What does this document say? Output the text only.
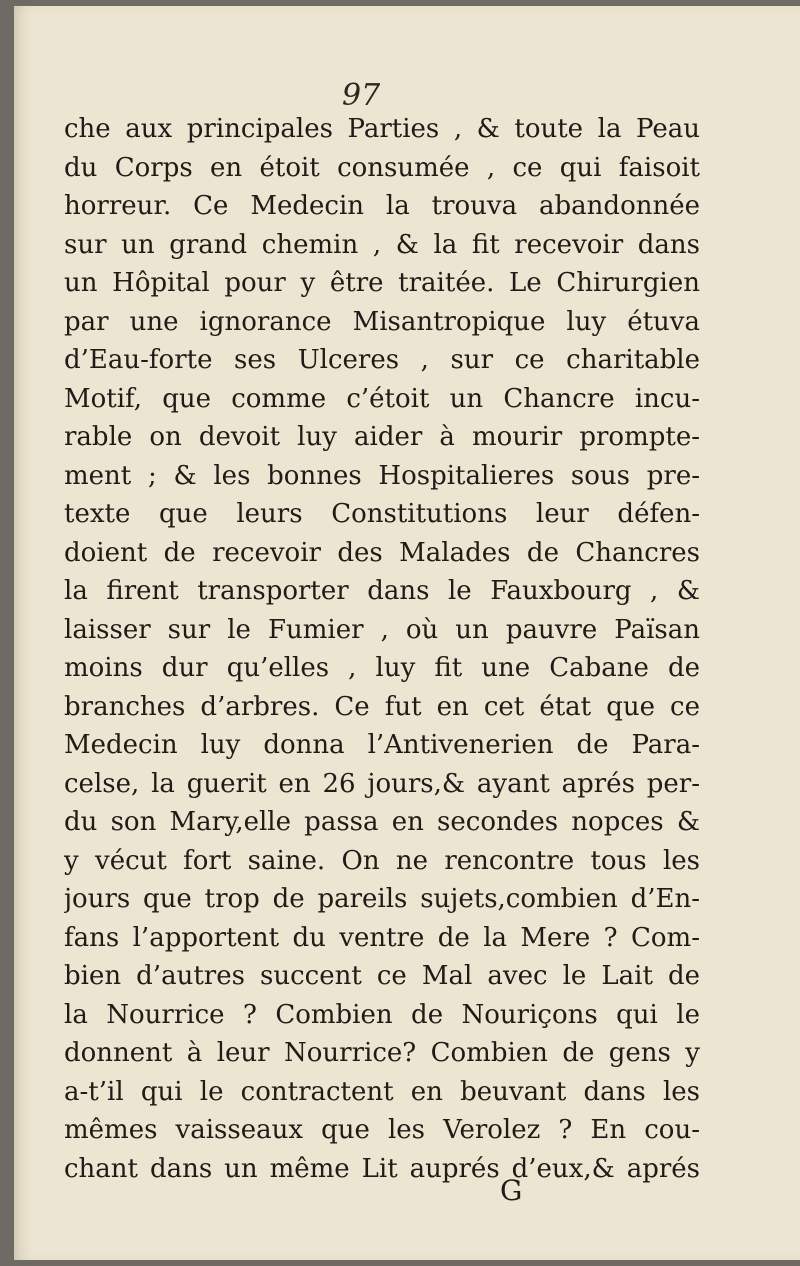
97
che aux principales Parties , & toute la Peau
du Corps en étoit consumée , ce qui faisoit
horreur. Ce Medecin la trouva abandonnée
sur un grand chemin , & la fit recevoir dans
un Hôpital pour y être traitée. Le Chirurgien
par une ignorance Misantropique luy étuva
d’Eau-forte ses Ulceres , sur ce charitable
Motif, que comme c’étoit un Chancre incu-
rable on devoit luy aider à mourir prompte-
ment ; & les bonnes Hospitalieres sous pre-
texte que leurs Constitutions leur défen-
doient de recevoir des Malades de Chancres
la firent transporter dans le Fauxbourg , &
laisser sur le Fumier , où un pauvre Païsan
moins dur qu’elles , luy fit une Cabane de
branches d’arbres. Ce fut en cet état que ce
Medecin luy donna l’Antivenerien de Para-
celse, la guerit en 26 jours,& ayant aprés per-
du son Mary,elle passa en secondes nopces &
y vécut fort saine. On ne rencontre tous les
jours que trop de pareils sujets,combien d’En-
fans l’apportent du ventre de la Mere ? Com-
bien d’autres succent ce Mal avec le Lait de
la Nourrice ? Combien de Nouriçons qui le
donnent à leur Nourrice? Combien de gens y
a-t’il qui le contractent en beuvant dans les
mêmes vaisseaux que les Verolez ? En cou-
chant dans un même Lit auprés d’eux,& aprés
G
